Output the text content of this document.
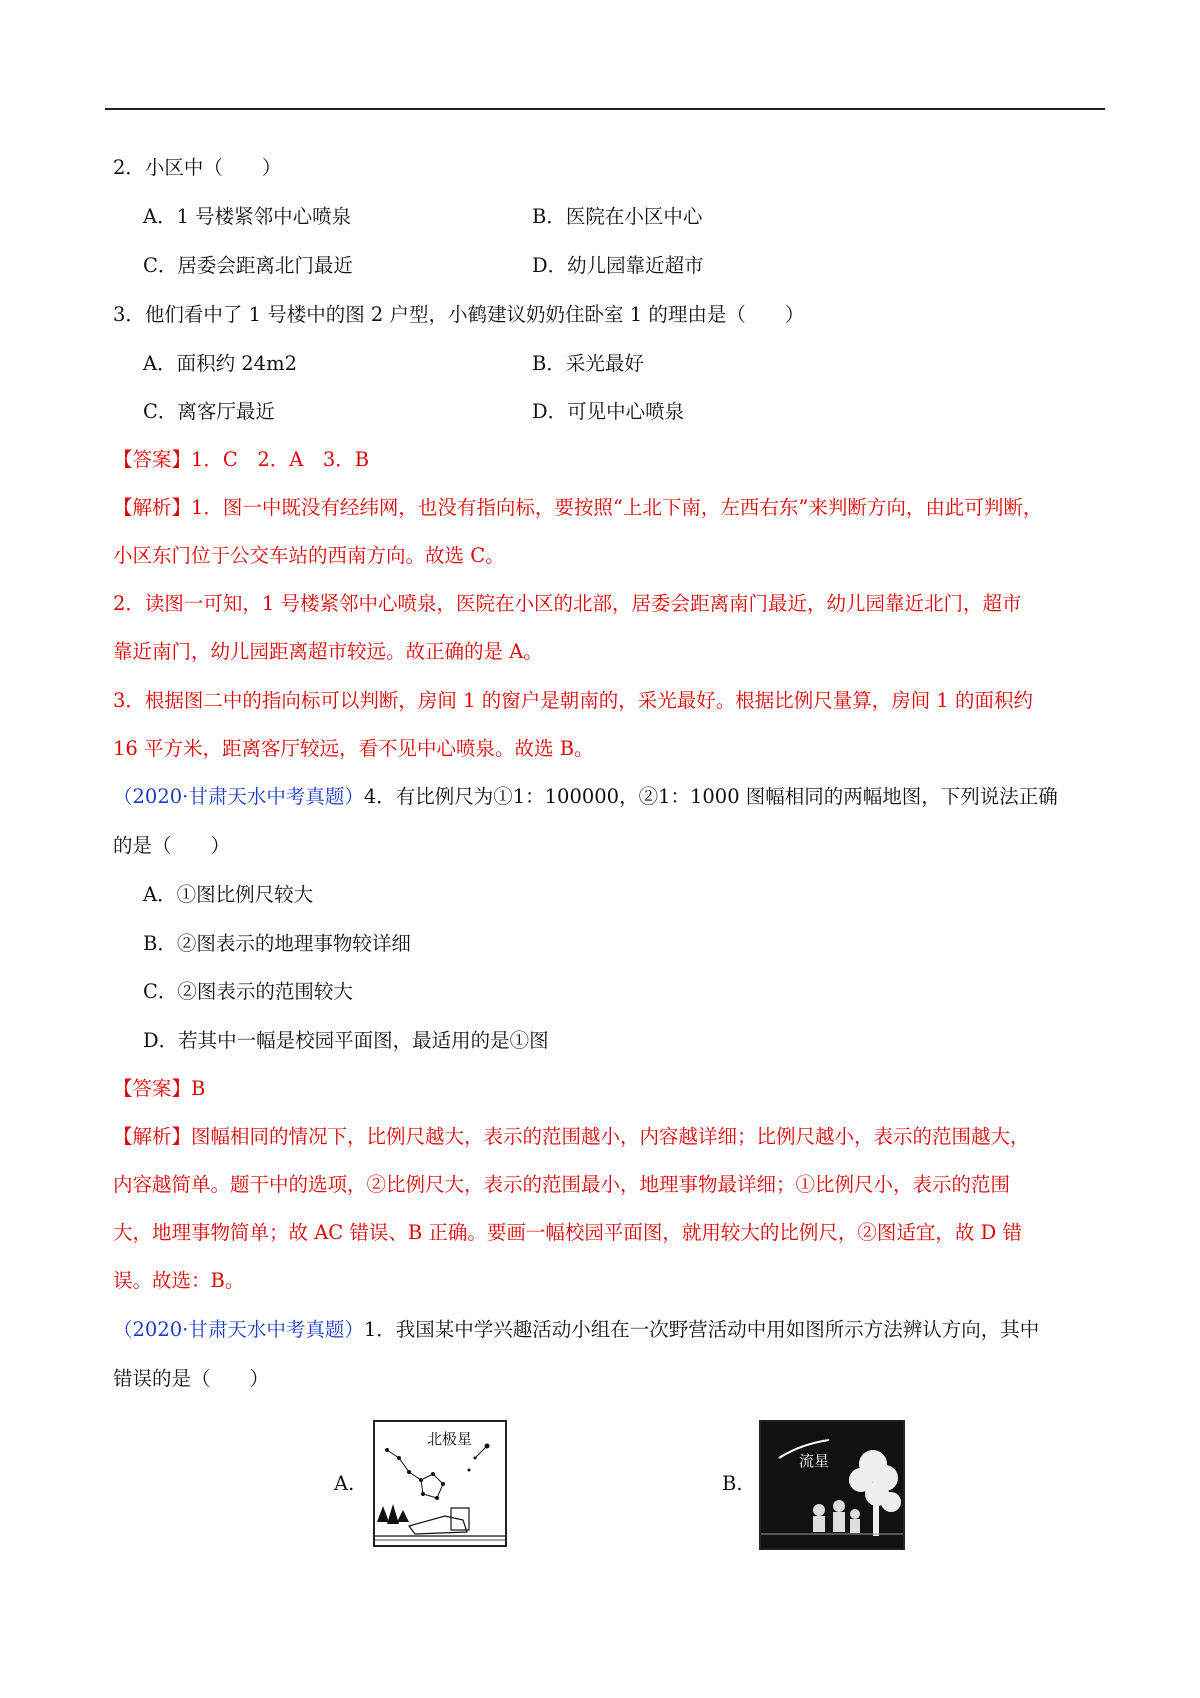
2．小区中（　　）
A．1 号楼紧邻中心喷泉	B．医院在小区中心
C．居委会距离北门最近	D．幼儿园靠近超市
3．他们看中了 1 号楼中的图 2 户型，小鹤建议奶奶住卧室 1 的理由是（　　）
A．面积约 24m2	B．采光最好
C．离客厅最近	D．可见中心喷泉
【答案】1．C　2．A　3．B
【解析】1．图一中既没有经纬网，也没有指向标，要按照“上北下南，左西右东”来判断方向，由此可判断，
小区东门位于公交车站的西南方向。故选 C。
2．读图一可知，1 号楼紧邻中心喷泉，医院在小区的北部，居委会距离南门最近，幼儿园靠近北门，超市
靠近南门，幼儿园距离超市较远。故正确的是 A。
3．根据图二中的指向标可以判断，房间 1 的窗户是朝南的，采光最好。根据比例尺量算，房间 1 的面积约
16 平方米，距离客厅较远，看不见中心喷泉。故选 B。
（2020·甘肃天水中考真题）4．有比例尺为①1：100000，②1：1000 图幅相同的两幅地图，下列说法正确
的是（　　）
A．①图比例尺较大
B．②图表示的地理事物较详细
C．②图表示的范围较大
D．若其中一幅是校园平面图，最适用的是①图
【答案】B
【解析】图幅相同的情况下，比例尺越大，表示的范围越小，内容越详细；比例尺越小，表示的范围越大，
内容越简单。题干中的选项，②比例尺大，表示的范围最小，地理事物最详细；①比例尺小，表示的范围
大，地理事物简单；故 AC 错误、B 正确。要画一幅校园平面图，就用较大的比例尺，②图适宜，故 D 错
误。故选：B。
（2020·甘肃天水中考真题）1．我国某中学兴趣活动小组在一次野营活动中用如图所示方法辨认方向，其中
错误的是（　　）
A.
北极星
B.
流星
